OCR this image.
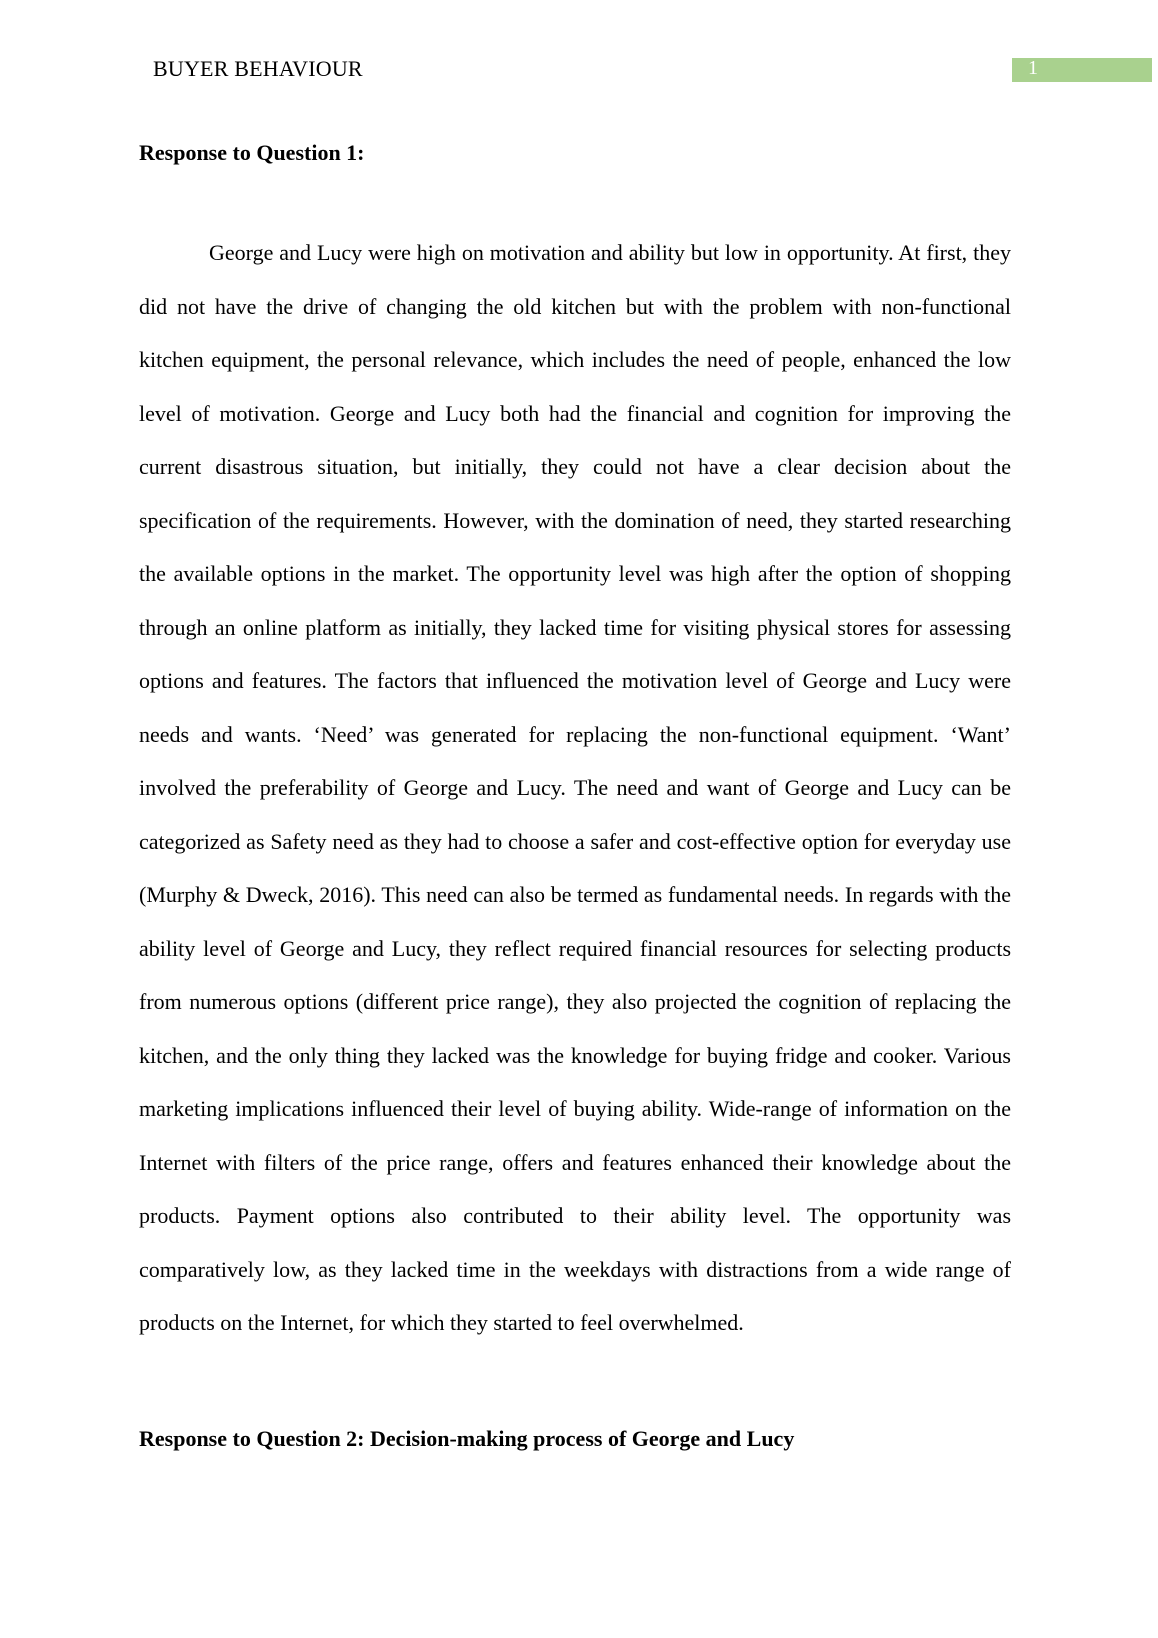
BUYER BEHAVIOUR	1
Response to Question 1:

George and Lucy were high on motivation and ability but low in opportunity. At first, they did not have the drive of changing the old kitchen but with the problem with non-functional kitchen equipment, the personal relevance, which includes the need of people, enhanced the low level of motivation. George and Lucy both had the financial and cognition for improving the current disastrous situation, but initially, they could not have a clear decision about the specification of the requirements. However, with the domination of need, they started researching the available options in the market. The opportunity level was high after the option of shopping through an online platform as initially, they lacked time for visiting physical stores for assessing options and features. The factors that influenced the motivation level of George and Lucy were needs and wants. ‘Need’ was generated for replacing the non-functional equipment. ‘Want’ involved the preferability of George and Lucy. The need and want of George and Lucy can be categorized as Safety need as they had to choose a safer and cost-effective option for everyday use (Murphy & Dweck, 2016). This need can also be termed as fundamental needs. In regards with the ability level of George and Lucy, they reflect required financial resources for selecting products from numerous options (different price range), they also projected the cognition of replacing the kitchen, and the only thing they lacked was the knowledge for buying fridge and cooker. Various marketing implications influenced their level of buying ability. Wide-range of information on the Internet with filters of the price range, offers and features enhanced their knowledge about the products. Payment options also contributed to their ability level. The opportunity was comparatively low, as they lacked time in the weekdays with distractions from a wide range of products on the Internet, for which they started to feel overwhelmed.

Response to Question 2: Decision-making process of George and Lucy
